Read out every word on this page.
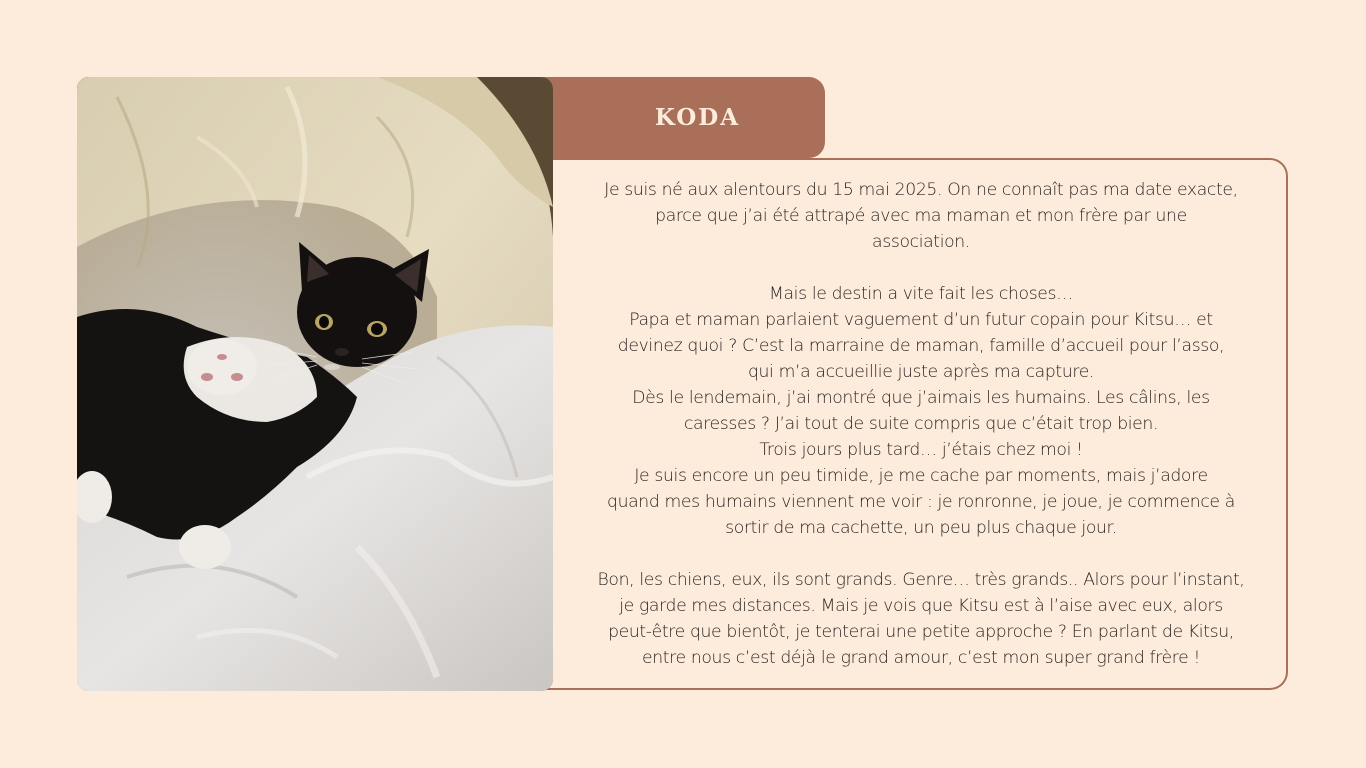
KODA

Je suis né aux alentours du 15 mai 2025. On ne connaît pas ma date exacte,
parce que j’ai été attrapé avec ma maman et mon frère par une
association.

Mais le destin a vite fait les choses…
Papa et maman parlaient vaguement d’un futur copain pour Kitsu… et
devinez quoi ? C’est la marraine de maman, famille d’accueil pour l’asso,
qui m’a accueillie juste après ma capture.
Dès le lendemain, j’ai montré que j’aimais les humains. Les câlins, les
caresses ? J’ai tout de suite compris que c’était trop bien.
Trois jours plus tard… j’étais chez moi !
Je suis encore un peu timide, je me cache par moments, mais j’adore
quand mes humains viennent me voir : je ronronne, je joue, je commence à
sortir de ma cachette, un peu plus chaque jour.

Bon, les chiens, eux, ils sont grands. Genre… très grands.. Alors pour l’instant,
je garde mes distances. Mais je vois que Kitsu est à l’aise avec eux, alors
peut-être que bientôt, je tenterai une petite approche ? En parlant de Kitsu,
entre nous c’est déjà le grand amour, c’est mon super grand frère !
